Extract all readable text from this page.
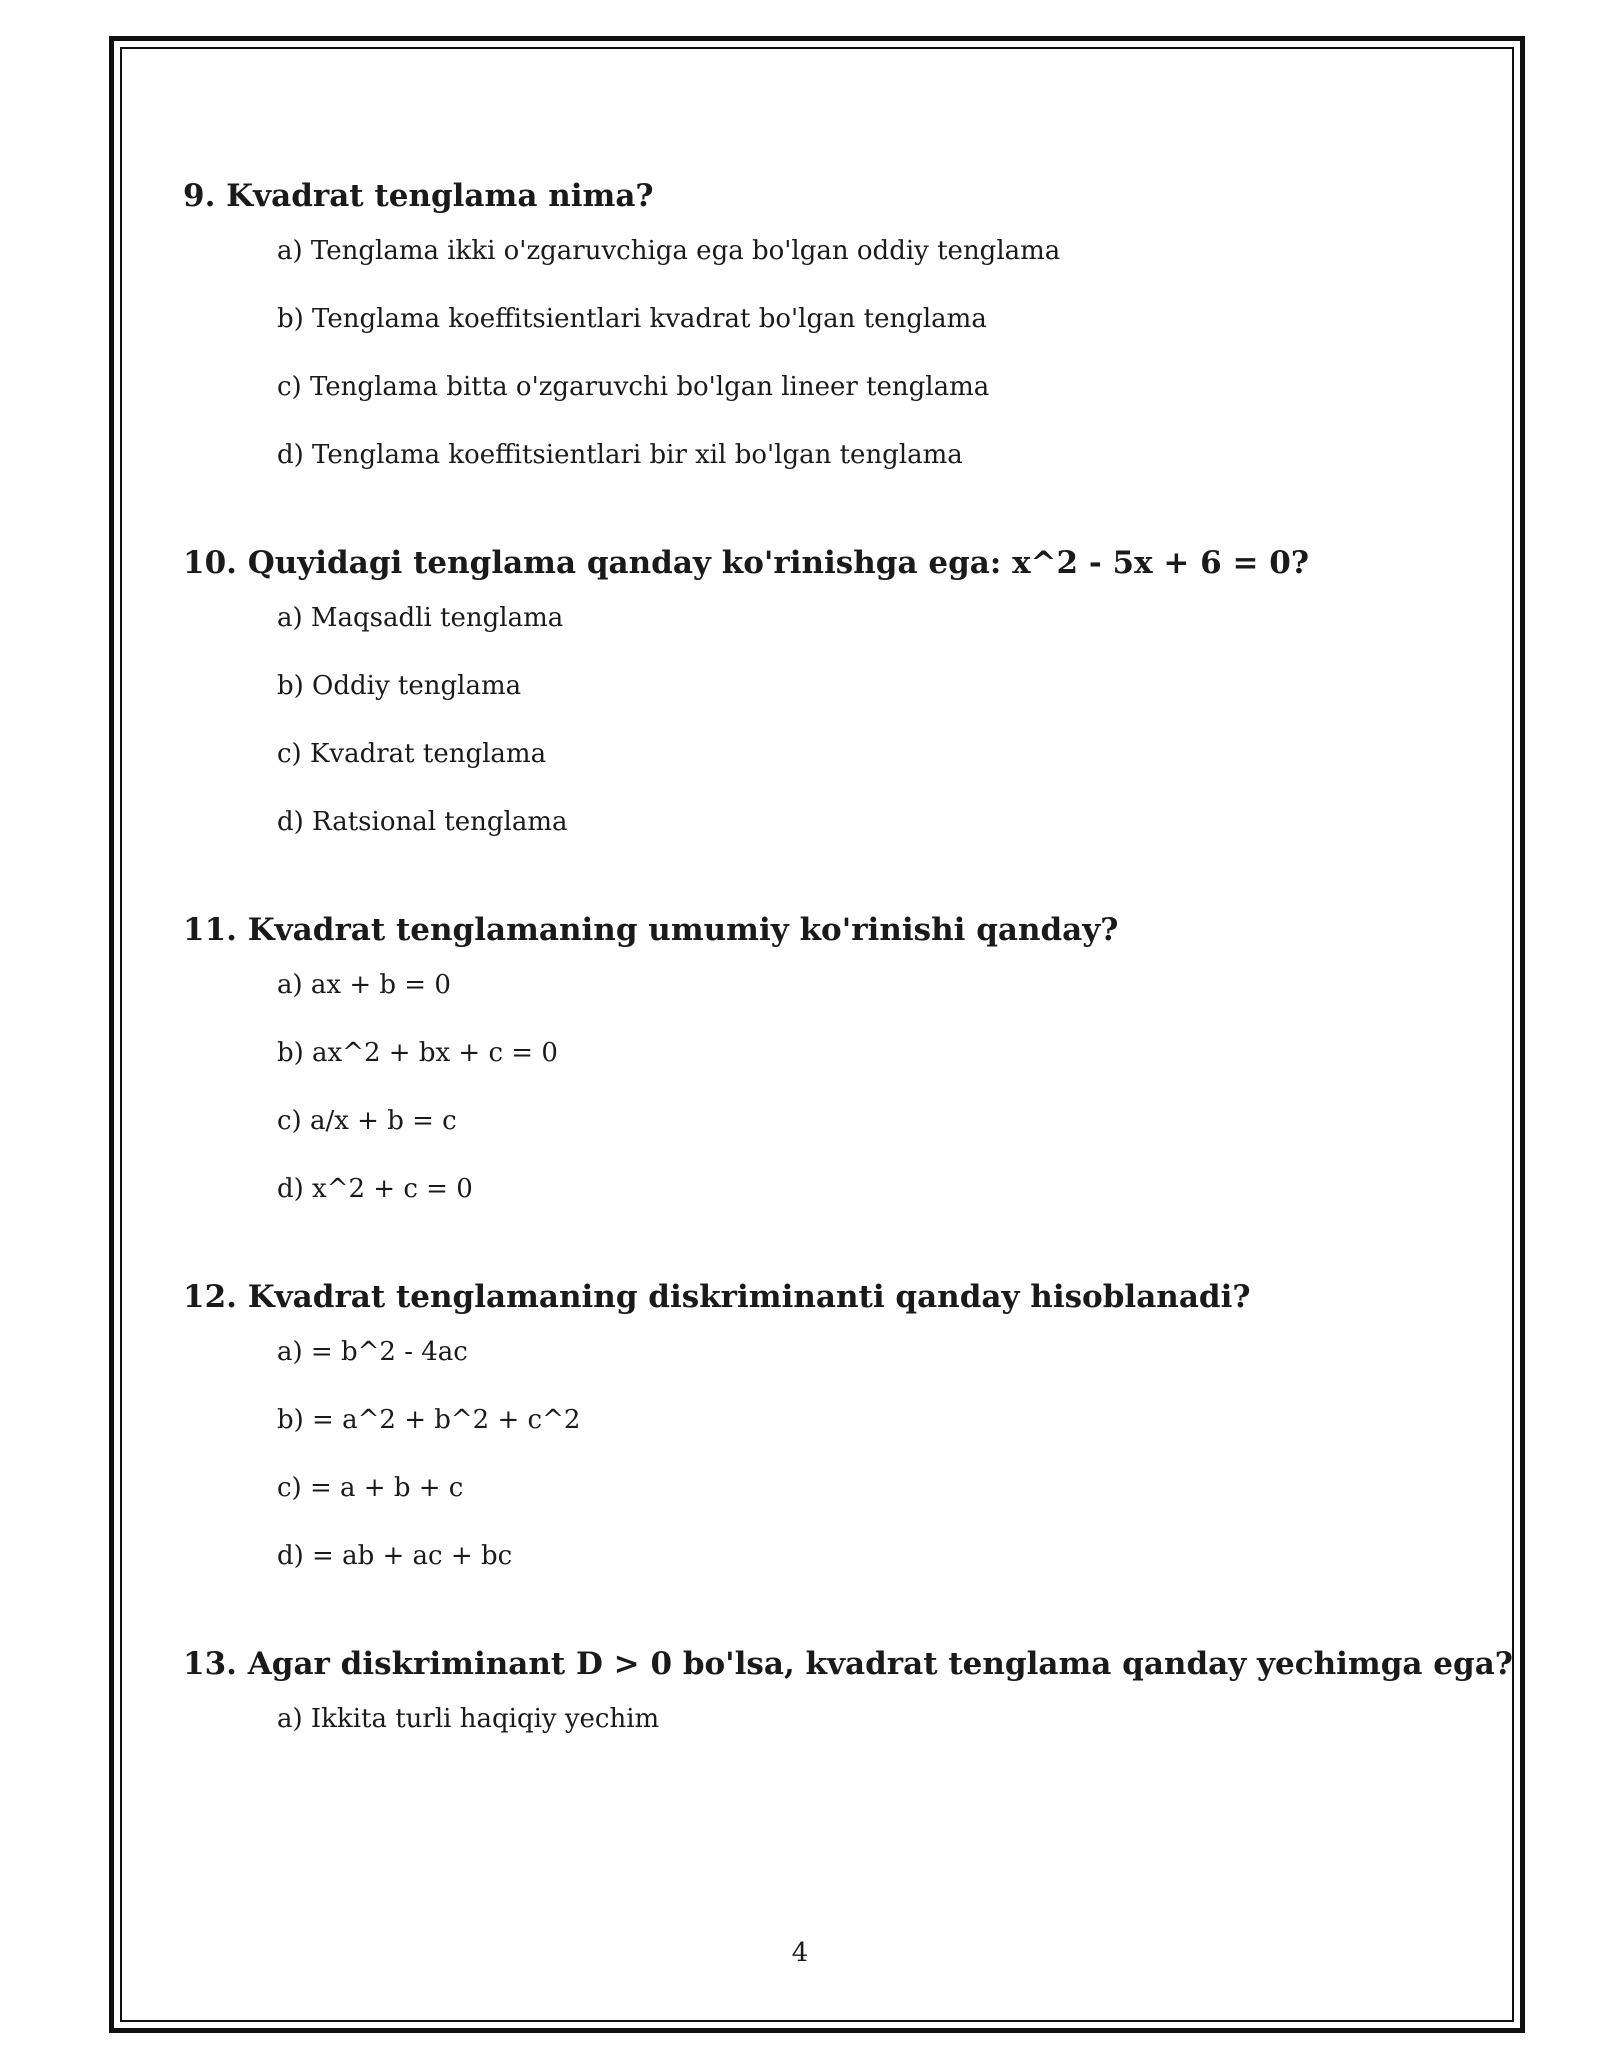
9. Kvadrat tenglama nima?
a) Tenglama ikki o'zgaruvchiga ega bo'lgan oddiy tenglama
b) Tenglama koeffitsientlari kvadrat bo'lgan tenglama
c) Tenglama bitta o'zgaruvchi bo'lgan lineer tenglama
d) Tenglama koeffitsientlari bir xil bo'lgan tenglama
10. Quyidagi tenglama qanday ko'rinishga ega: x^2 - 5x + 6 = 0?
a) Maqsadli tenglama
b) Oddiy tenglama
c) Kvadrat tenglama
d) Ratsional tenglama
11. Kvadrat tenglamaning umumiy ko'rinishi qanday?
a) ax + b = 0
b) ax^2 + bx + c = 0
c) a/x + b = c
d) x^2 + c = 0
12. Kvadrat tenglamaning diskriminanti qanday hisoblanadi?
a) = b^2 - 4ac
b) = a^2 + b^2 + c^2
c) = a + b + c
d) = ab + ac + bc
13. Agar diskriminant D > 0 bo'lsa, kvadrat tenglama qanday yechimga ega?
a) Ikkita turli haqiqiy yechim
4
